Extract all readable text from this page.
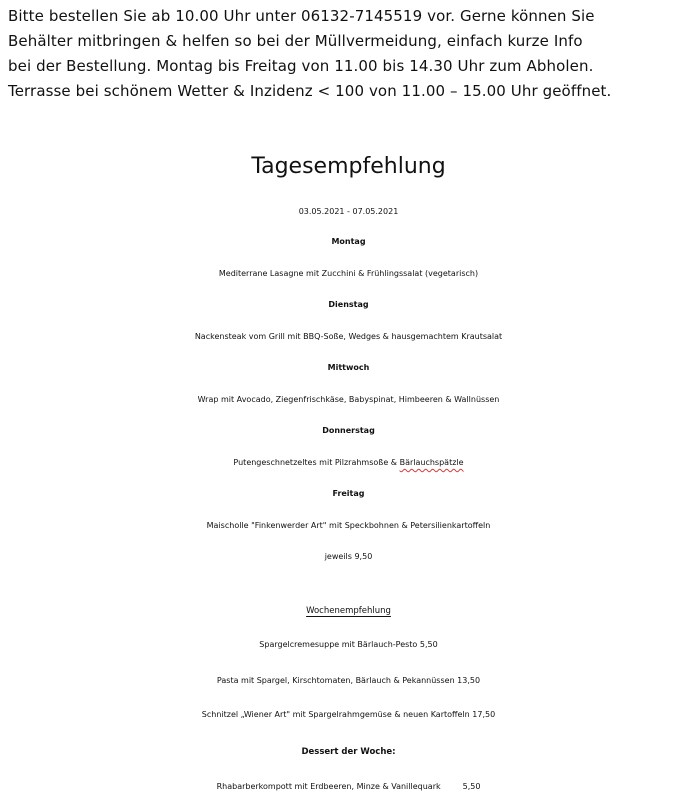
Bitte bestellen Sie ab 10.00 Uhr unter 06132-7145519 vor. Gerne können Sie
Behälter mitbringen & helfen so bei der Müllvermeidung, einfach kurze Info
bei der Bestellung. Montag bis Freitag von 11.00 bis 14.30 Uhr zum Abholen.
Terrasse bei schönem Wetter & Inzidenz < 100 von 11.00 – 15.00 Uhr geöffnet.
Tagesempfehlung
03.05.2021 - 07.05.2021
Montag
Mediterrane Lasagne mit Zucchini & Frühlingssalat (vegetarisch)
Dienstag
Nackensteak vom Grill mit BBQ-Soße, Wedges & hausgemachtem Krautsalat
Mittwoch
Wrap mit Avocado, Ziegenfrischkäse, Babyspinat, Himbeeren & Wallnüssen
Donnerstag
Putengeschnetzeltes mit Pilzrahmsoße & Bärlauchspätzle
Freitag
Maischolle "Finkenwerder Art" mit Speckbohnen & Petersilienkartoffeln
jeweils 9,50
Wochenempfehlung
Spargelcremesuppe mit Bärlauch-Pesto 5,50
Pasta mit Spargel, Kirschtomaten, Bärlauch & Pekannüssen 13,50
Schnitzel „Wiener Art" mit Spargelrahmgemüse & neuen Kartoffeln 17,50
Dessert der Woche:
Rhabarberkompott mit Erdbeeren, Minze & Vanillequark	5,50
